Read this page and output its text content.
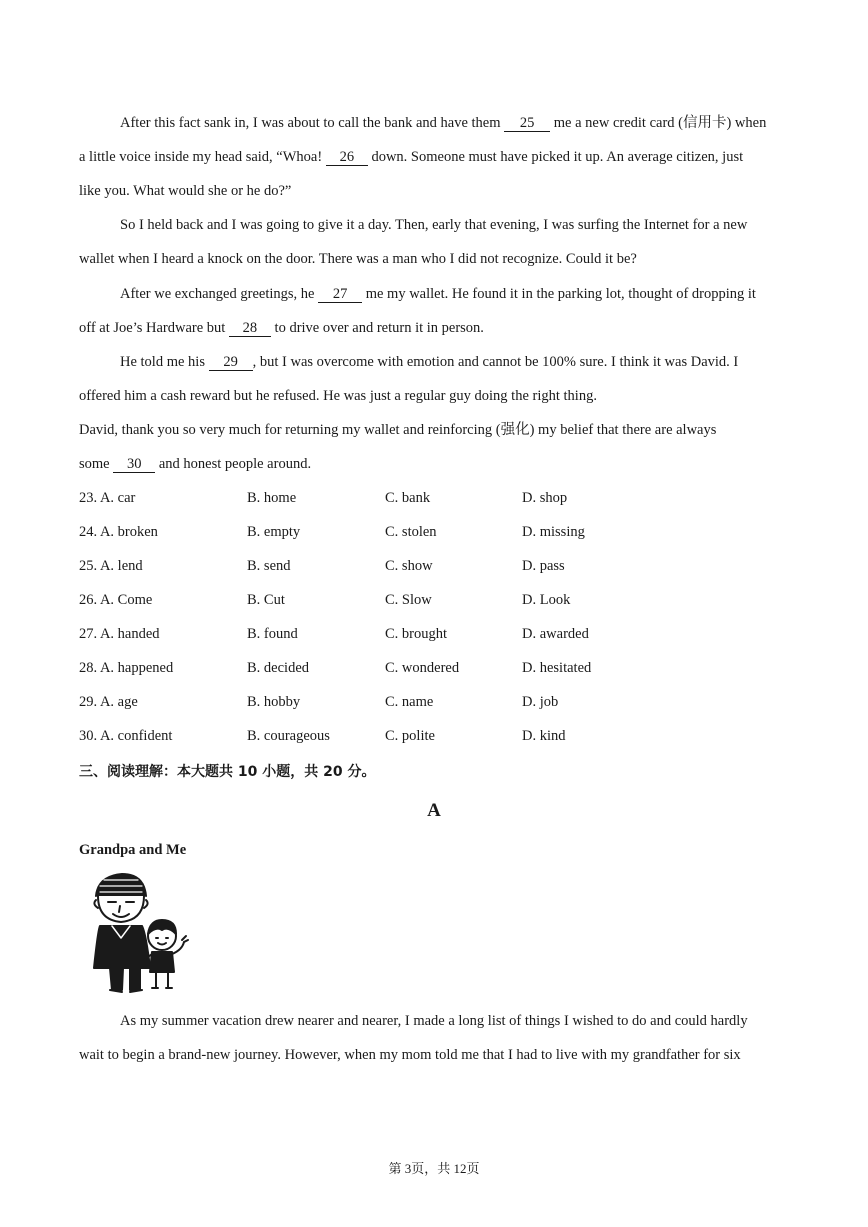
After this fact sank in, I was about to call the bank and have them 25 me a new credit card (信用卡) when
a little voice inside my head said, “Whoa! 26 down. Someone must have picked it up. An average citizen, just
like you. What would she or he do?”
So I held back and I was going to give it a day. Then, early that evening, I was surfing the Internet for a new
wallet when I heard a knock on the door. There was a man who I did not recognize. Could it be?
After we exchanged greetings, he 27 me my wallet. He found it in the parking lot, thought of dropping it
off at Joe’s Hardware but 28 to drive over and return it in person.
He told me his 29 , but I was overcome with emotion and cannot be 100% sure. I think it was David. I
offered him a cash reward but he refused. He was just a regular guy doing the right thing.
David, thank you so very much for returning my wallet and reinforcing (强化) my belief that there are always
some 30 and honest people around.
23. A. car	B. home	C. bank	D. shop
24. A. broken	B. empty	C. stolen	D. missing
25. A. lend	B. send	C. show	D. pass
26. A. Come	B. Cut	C. Slow	D. Look
27. A. handed	B. found	C. brought	D. awarded
28. A. happened	B. decided	C. wondered	D. hesitated
29. A. age	B. hobby	C. name	D. job
30. A. confident	B. courageous	C. polite	D. kind
三、阅读理解：本大题共 10 小题，共 20 分。
A
Grandpa and Me
As my summer vacation drew nearer and nearer, I made a long list of things I wished to do and could hardly
wait to begin a brand-new journey. However, when my mom told me that I had to live with my grandfather for six
第 3页，共 12页
